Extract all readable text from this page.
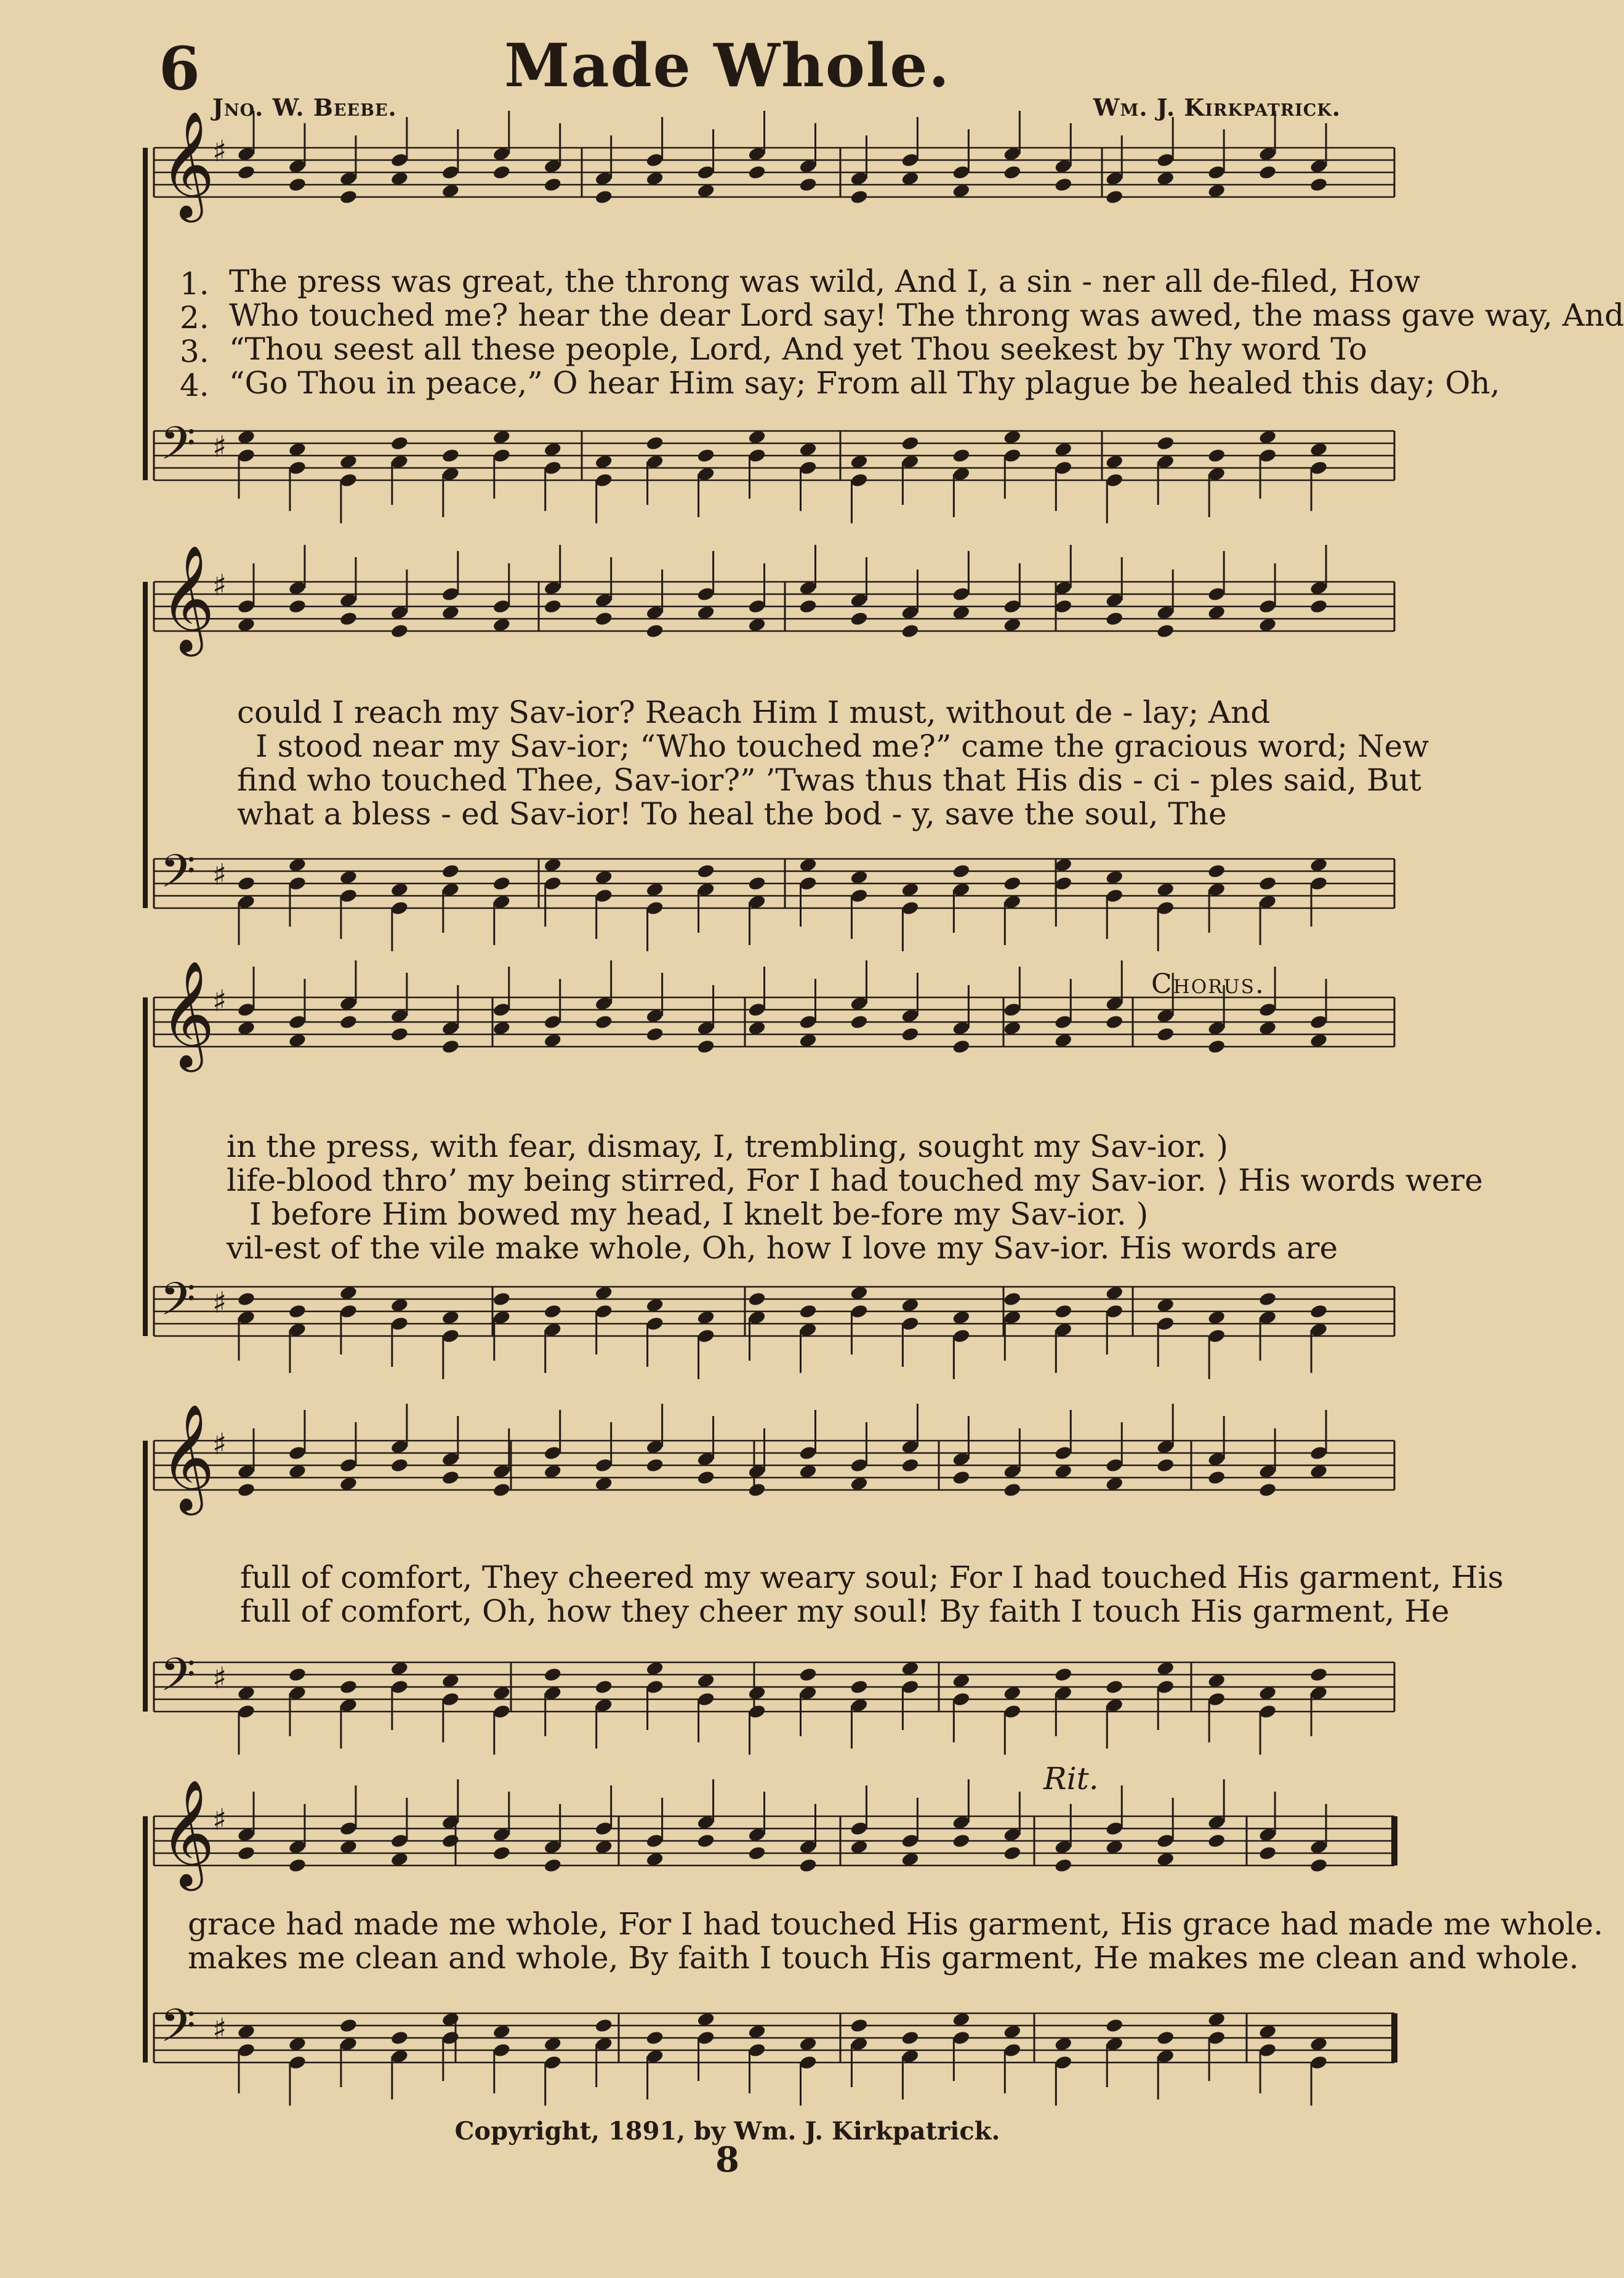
6	Made Whole.
Jno. W. Beebe.	Wm. J. Kirkpatrick.
𝄞
♯
𝄢 ♯
𝄞
♯
𝄢 ♯
𝄞
♯
𝄢 ♯
𝄞
♯
𝄢 ♯
𝄞
♯
𝄢 ♯
1. The press was great, the throng was wild, And I, a sin - ner all de-filed, How
2. Who touched me? hear the dear Lord say! The throng was awed, the mass gave way, And
3. “Thou seest all these people, Lord, And yet Thou seekest by Thy word To
4. “Go Thou in peace,” O hear Him say; From all Thy plague be healed this day; Oh,
could I reach my Sav-ior? Reach Him I must, without de - lay; And
I stood near my Sav-ior; “Who touched me?” came the gracious word; New
find who touched Thee, Sav-ior?” ’Twas thus that His dis - ci - ples said, But
what a bless - ed Sav-ior! To heal the bod - y, save the soul, The
Chorus.
in the press, with fear, dismay, I, trembling, sought my Sav-ior. )
life-blood thro’ my being stirred, For I had touched my Sav-ior. ⟩ His words were
I before Him bowed my head, I knelt be-fore my Sav-ior. )
vil-est of the vile make whole, Oh, how I love my Sav-ior. His words are
full of comfort, They cheered my weary soul; For I had touched His garment, His
full of comfort, Oh, how they cheer my soul! By faith I touch His garment, He
Rit.
grace had made me whole, For I had touched His garment, His grace had made me whole.
makes me clean and whole, By faith I touch His garment, He makes me clean and whole.
Copyright, 1891, by Wm. J. Kirkpatrick.
8
